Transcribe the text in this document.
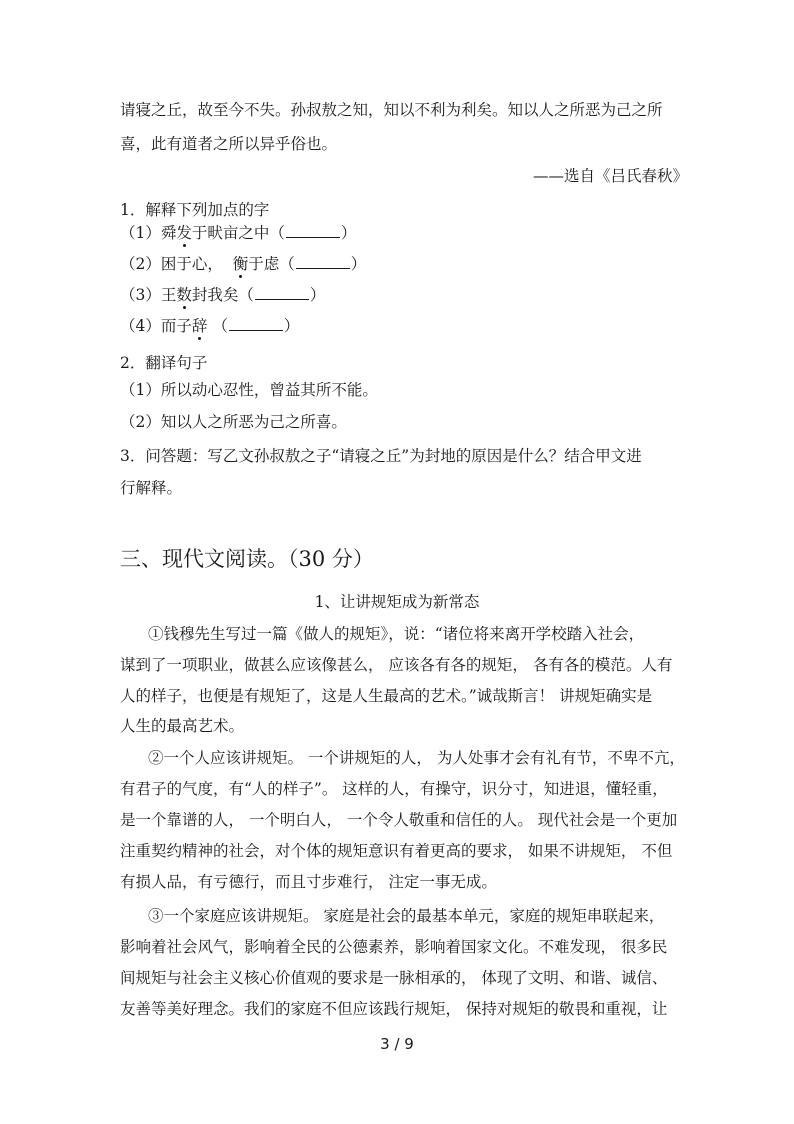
请寝之丘，故至今不失。孙叔敖之知，知以不利为利矣。知以人之所恶为己之所
喜，此有道者之所以异乎俗也。
——选自《吕氏春秋》
1．解释下列加点的字
（1）舜发于畎亩之中（	）
（2）困于心，  衡于虑（	）
（3）王数封我矣（	）
（4）而子辞 （	）
2．翻译句子
（1）所以动心忍性，曾益其所不能。
（2）知以人之所恶为己之所喜。
3．问答题：写乙文孙叔敖之子“请寝之丘”为封地的原因是什么？结合甲文进
行解释。
三、现代文阅读。（30 分）
1、让讲规矩成为新常态
①钱穆先生写过一篇《做人的规矩》，说：“诸位将来离开学校踏入社会，
谋到了一项职业，做甚么应该像甚么， 应该各有各的规矩， 各有各的模范。人有
人的样子，也便是有规矩了，这是人生最高的艺术。”诚哉斯言！ 讲规矩确实是
人生的最高艺术。
②一个人应该讲规矩。 一个讲规矩的人， 为人处事才会有礼有节，不卑不亢，
有君子的气度，有“人的样子”。 这样的人，有操守，识分寸，知进退，懂轻重，
是一个靠谱的人， 一个明白人， 一个令人敬重和信任的人。 现代社会是一个更加
注重契约精神的社会，对个体的规矩意识有着更高的要求， 如果不讲规矩， 不但
有损人品，有亏德行，而且寸步难行， 注定一事无成。
③一个家庭应该讲规矩。 家庭是社会的最基本单元，家庭的规矩串联起来，
影响着社会风气，影响着全民的公德素养，影响着国家文化。不难发现， 很多民
间规矩与社会主义核心价值观的要求是一脉相承的， 体现了文明、和谐、诚信、
友善等美好理念。我们的家庭不但应该践行规矩， 保持对规矩的敬畏和重视，让
3 / 9
